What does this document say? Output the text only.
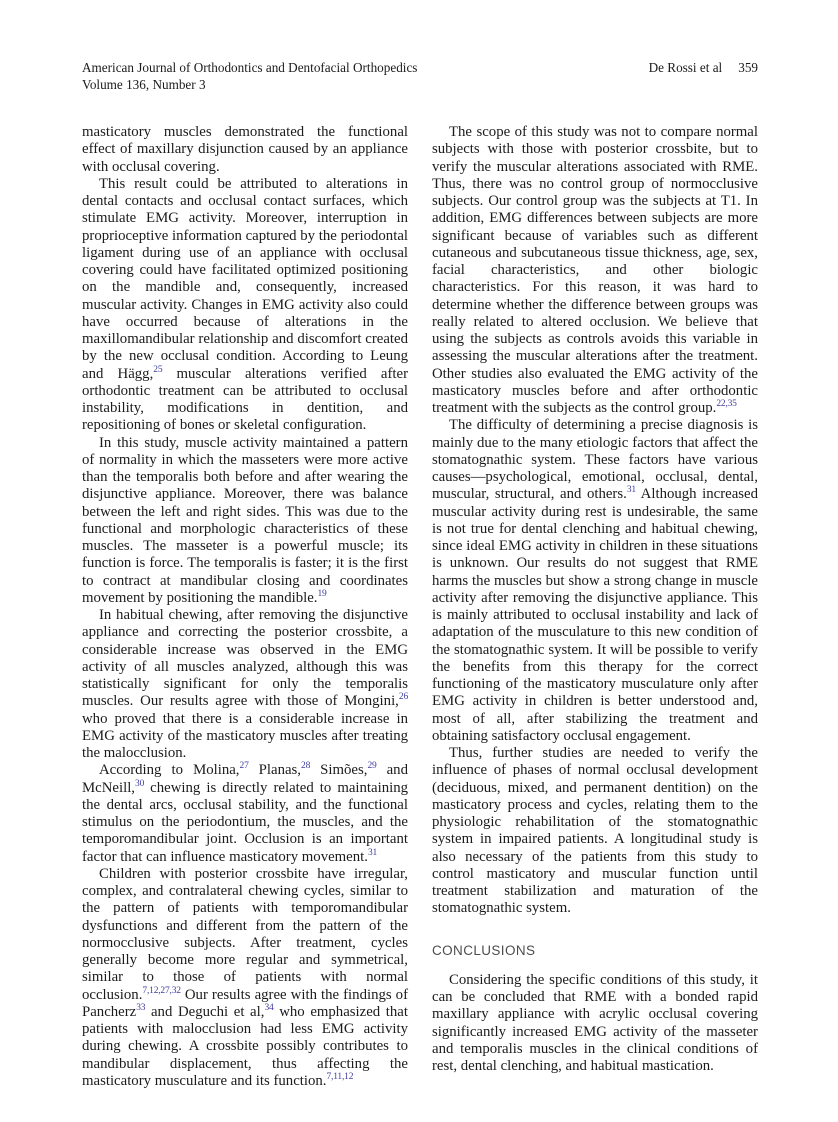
American Journal of Orthodontics and Dentofacial Orthopedics
Volume 136, Number 3
De Rossi et al 359

masticatory muscles demonstrated the functional effect of maxillary disjunction caused by an appliance with occlusal covering.

This result could be attributed to alterations in dental contacts and occlusal contact surfaces, which stimulate EMG activity. Moreover, interruption in proprioceptive information captured by the periodontal ligament during use of an appliance with occlusal covering could have facilitated optimized positioning on the mandible and, consequently, increased muscular activity. Changes in EMG activity also could have occurred because of alterations in the maxillomandibular relationship and discomfort created by the new occlusal condition. According to Leung and Hägg,$^{25}$ muscular alterations verified after orthodontic treatment can be attributed to occlusal instability, modifications in dentition, and repositioning of bones or skeletal configuration.

In this study, muscle activity maintained a pattern of normality in which the masseters were more active than the temporalis both before and after wearing the disjunctive appliance. Moreover, there was balance between the left and right sides. This was due to the functional and morphologic characteristics of these muscles. The masseter is a powerful muscle; its function is force. The temporalis is faster; it is the first to contract at mandibular closing and coordinates movement by positioning the mandible.$^{19}$

In habitual chewing, after removing the disjunctive appliance and correcting the posterior crossbite, a considerable increase was observed in the EMG activity of all muscles analyzed, although this was statistically significant for only the temporalis muscles. Our results agree with those of Mongini,$^{26}$ who proved that there is a considerable increase in EMG activity of the masticatory muscles after treating the malocclusion.

According to Molina,$^{27}$ Planas,$^{28}$ Simões,$^{29}$ and McNeill,$^{30}$ chewing is directly related to maintaining the dental arcs, occlusal stability, and the functional stimulus on the periodontium, the muscles, and the temporomandibular joint. Occlusion is an important factor that can influence masticatory movement.$^{31}$

Children with posterior crossbite have irregular, complex, and contralateral chewing cycles, similar to the pattern of patients with temporomandibular dysfunctions and different from the pattern of the normocclusive subjects. After treatment, cycles generally become more regular and symmetrical, similar to those of patients with normal occlusion.$^{7,12,27,32}$ Our results agree with the findings of Pancherz$^{33}$ and Deguchi et al,$^{34}$ who emphasized that patients with malocclusion had less EMG activity during chewing. A crossbite possibly contributes to mandibular displacement, thus affecting the masticatory musculature and its function.$^{7,11,12}$

The scope of this study was not to compare normal subjects with those with posterior crossbite, but to verify the muscular alterations associated with RME. Thus, there was no control group of normocclusive subjects. Our control group was the subjects at T1. In addition, EMG differences between subjects are more significant because of variables such as different cutaneous and subcutaneous tissue thickness, age, sex, facial characteristics, and other biologic characteristics. For this reason, it was hard to determine whether the difference between groups was really related to altered occlusion. We believe that using the subjects as controls avoids this variable in assessing the muscular alterations after the treatment. Other studies also evaluated the EMG activity of the masticatory muscles before and after orthodontic treatment with the subjects as the control group.$^{22,35}$

The difficulty of determining a precise diagnosis is mainly due to the many etiologic factors that affect the stomatognathic system. These factors have various causes—psychological, emotional, occlusal, dental, muscular, structural, and others.$^{31}$ Although increased muscular activity during rest is undesirable, the same is not true for dental clenching and habitual chewing, since ideal EMG activity in children in these situations is unknown. Our results do not suggest that RME harms the muscles but show a strong change in muscle activity after removing the disjunctive appliance. This is mainly attributed to occlusal instability and lack of adaptation of the musculature to this new condition of the stomatognathic system. It will be possible to verify the benefits from this therapy for the correct functioning of the masticatory musculature only after EMG activity in children is better understood and, most of all, after stabilizing the treatment and obtaining satisfactory occlusal engagement.

Thus, further studies are needed to verify the influence of phases of normal occlusal development (deciduous, mixed, and permanent dentition) on the masticatory process and cycles, relating them to the physiologic rehabilitation of the stomatognathic system in impaired patients. A longitudinal study is also necessary of the patients from this study to control masticatory and muscular function until treatment stabilization and maturation of the stomatognathic system.

CONCLUSIONS

Considering the specific conditions of this study, it can be concluded that RME with a bonded rapid maxillary appliance with acrylic occlusal covering significantly increased EMG activity of the masseter and temporalis muscles in the clinical conditions of rest, dental clenching, and habitual mastication.
